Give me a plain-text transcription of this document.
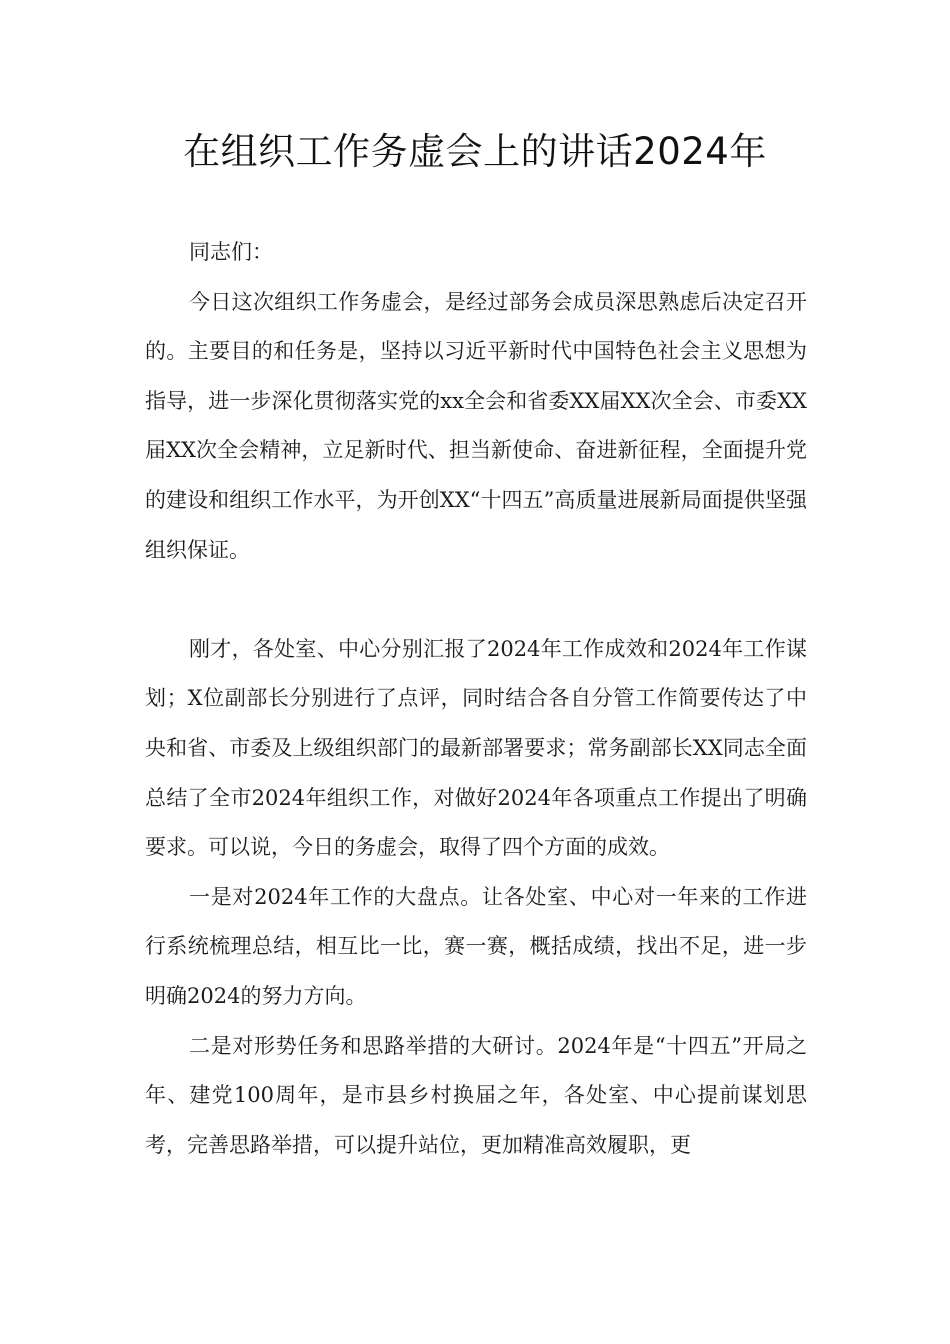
在组织工作务虚会上的讲话2024年

同志们：

今日这次组织工作务虚会，是经过部务会成员深思熟虑后决定召开的。主要目的和任务是，坚持以习近平新时代中国特色社会主义思想为指导，进一步深化贯彻落实党的xx全会和省委XX届XX次全会、市委XX届XX次全会精神，立足新时代、担当新使命、奋进新征程，全面提升党的建设和组织工作水平，为开创XX“十四五”高质量进展新局面提供坚强组织保证。

刚才，各处室、中心分别汇报了2024年工作成效和2024年工作谋划；X位副部长分别进行了点评，同时结合各自分管工作简要传达了中央和省、市委及上级组织部门的最新部署要求；常务副部长XX同志全面总结了全市2024年组织工作，对做好2024年各项重点工作提出了明确要求。可以说，今日的务虚会，取得了四个方面的成效。

一是对2024年工作的大盘点。让各处室、中心对一年来的工作进行系统梳理总结，相互比一比，赛一赛，概括成绩，找出不足，进一步明确2024的努力方向。

二是对形势任务和思路举措的大研讨。2024年是“十四五”开局之年、建党100周年，是市县乡村换届之年，各处室、中心提前谋划思考，完善思路举措，可以提升站位，更加精准高效履职，更
